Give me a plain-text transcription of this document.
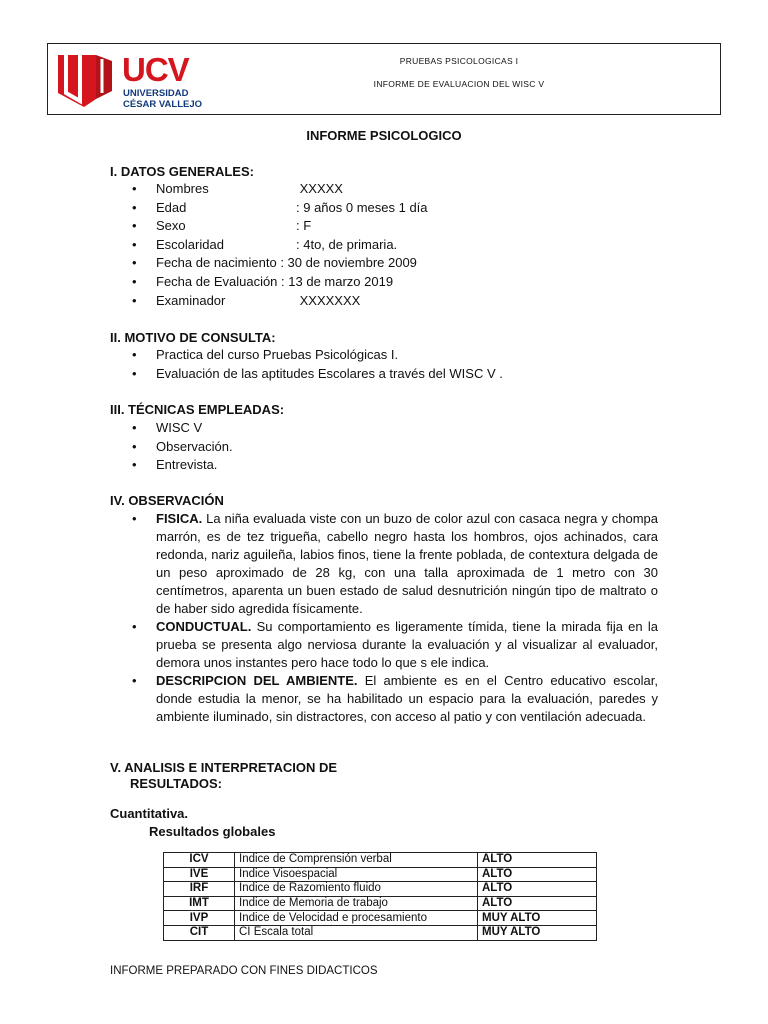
UCV
UNIVERSIDAD
CÉSAR VALLEJO
PRUEBAS PSICOLOGICAS I
INFORME DE EVALUACION DEL WISC V
INFORME PSICOLOGICO
I. DATOS GENERALES:
• Nombres	XXXXX
• Edad	: 9 años 0 meses 1 día
• Sexo	: F
• Escolaridad	: 4to, de primaria.
• Fecha de nacimiento : 30 de noviembre 2009
• Fecha de Evaluación : 13 de marzo 2019
• Examinador	XXXXXXX
II. MOTIVO DE CONSULTA:
• Practica del curso Pruebas Psicológicas I.
• Evaluación de las aptitudes Escolares a través del WISC V .
III. TÉCNICAS EMPLEADAS:
• WISC V
• Observación.
• Entrevista.
IV. OBSERVACIÓN
• FISICA. La niña evaluada viste con un buzo de color azul con casaca negra y chompa marrón, es de tez trigueña, cabello negro hasta los hombros, ojos achinados, cara redonda, nariz aguileña, labios finos, tiene la frente poblada, de contextura delgada de un peso aproximado de 28 kg, con una talla aproximada de 1 metro con 30 centímetros, aparenta un buen estado de salud desnutrición ningún tipo de maltrato o de haber sido agredida físicamente.
• CONDUCTUAL. Su comportamiento es ligeramente tímida, tiene la mirada fija en la prueba se presenta algo nerviosa durante la evaluación y al visualizar al evaluador, demora unos instantes pero hace todo lo que s ele indica.
• DESCRIPCION DEL AMBIENTE. El ambiente es en el Centro educativo escolar, donde estudia la menor, se ha habilitado un espacio para la evaluación, paredes y ambiente iluminado, sin distractores, con acceso al patio y con ventilación adecuada.
V. ANALISIS E INTERPRETACION DE
RESULTADOS:
Cuantitativa.
Resultados globales
ICV	Indice de Comprensión verbal	ALTO
IVE	Indice Visoespacial	ALTO
IRF	Indice de Razomiento fluido	ALTO
IMT	Indice de Memoria de trabajo	ALTO
IVP	Indice de Velocidad e procesamiento	MUY ALTO
CIT	CI Escala total	MUY ALTO
INFORME PREPARADO CON FINES DIDACTICOS
